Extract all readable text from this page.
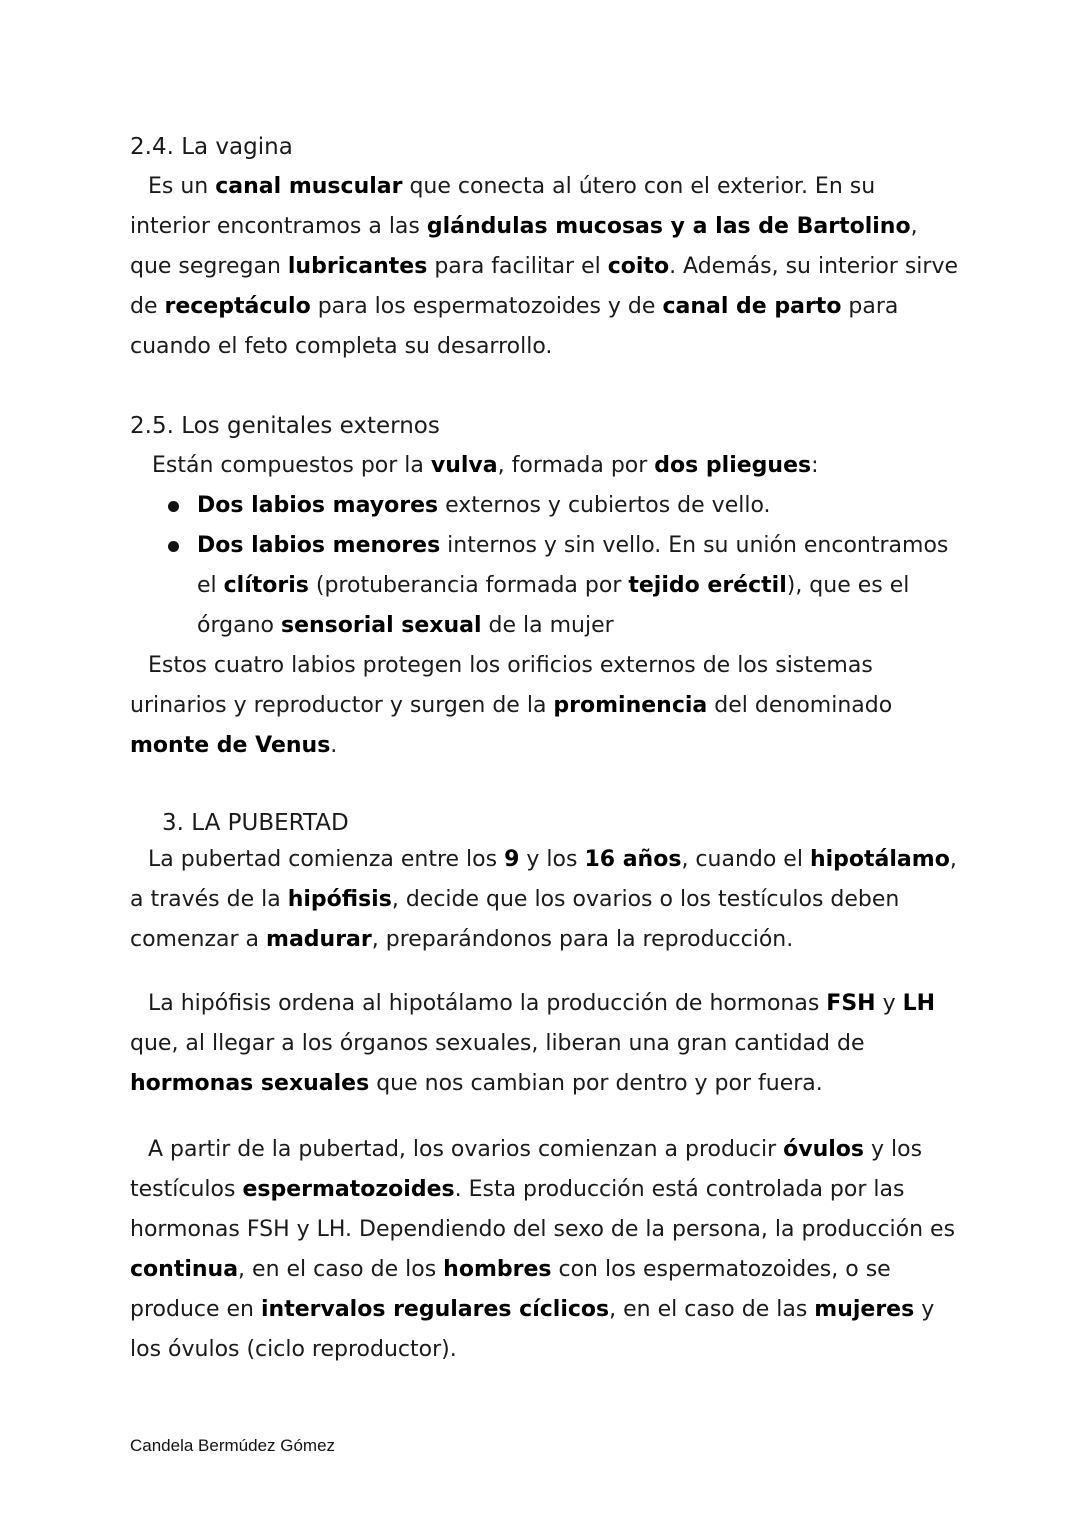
2.4. La vagina

Es un canal muscular que conecta al útero con el exterior. En su interior encontramos a las glándulas mucosas y a las de Bartolino, que segregan lubricantes para facilitar el coito. Además, su interior sirve de receptáculo para los espermatozoides y de canal de parto para cuando el feto completa su desarrollo.

2.5. Los genitales externos

Están compuestos por la vulva, formada por dos pliegues:

Dos labios mayores externos y cubiertos de vello.
Dos labios menores internos y sin vello. En su unión encontramos el clítoris (protuberancia formada por tejido eréctil), que es el órgano sensorial sexual de la mujer

Estos cuatro labios protegen los orificios externos de los sistemas urinarios y reproductor y surgen de la prominencia del denominado monte de Venus.

3. LA PUBERTAD

La pubertad comienza entre los 9 y los 16 años, cuando el hipotálamo, a través de la hipófisis, decide que los ovarios o los testículos deben comenzar a madurar, preparándonos para la reproducción.

La hipófisis ordena al hipotálamo la producción de hormonas FSH y LH que, al llegar a los órganos sexuales, liberan una gran cantidad de hormonas sexuales que nos cambian por dentro y por fuera.

A partir de la pubertad, los ovarios comienzan a producir óvulos y los testículos espermatozoides. Esta producción está controlada por las hormonas FSH y LH. Dependiendo del sexo de la persona, la producción es continua, en el caso de los hombres con los espermatozoides, o se produce en intervalos regulares cíclicos, en el caso de las mujeres y los óvulos (ciclo reproductor).

Candela Bermúdez Gómez
